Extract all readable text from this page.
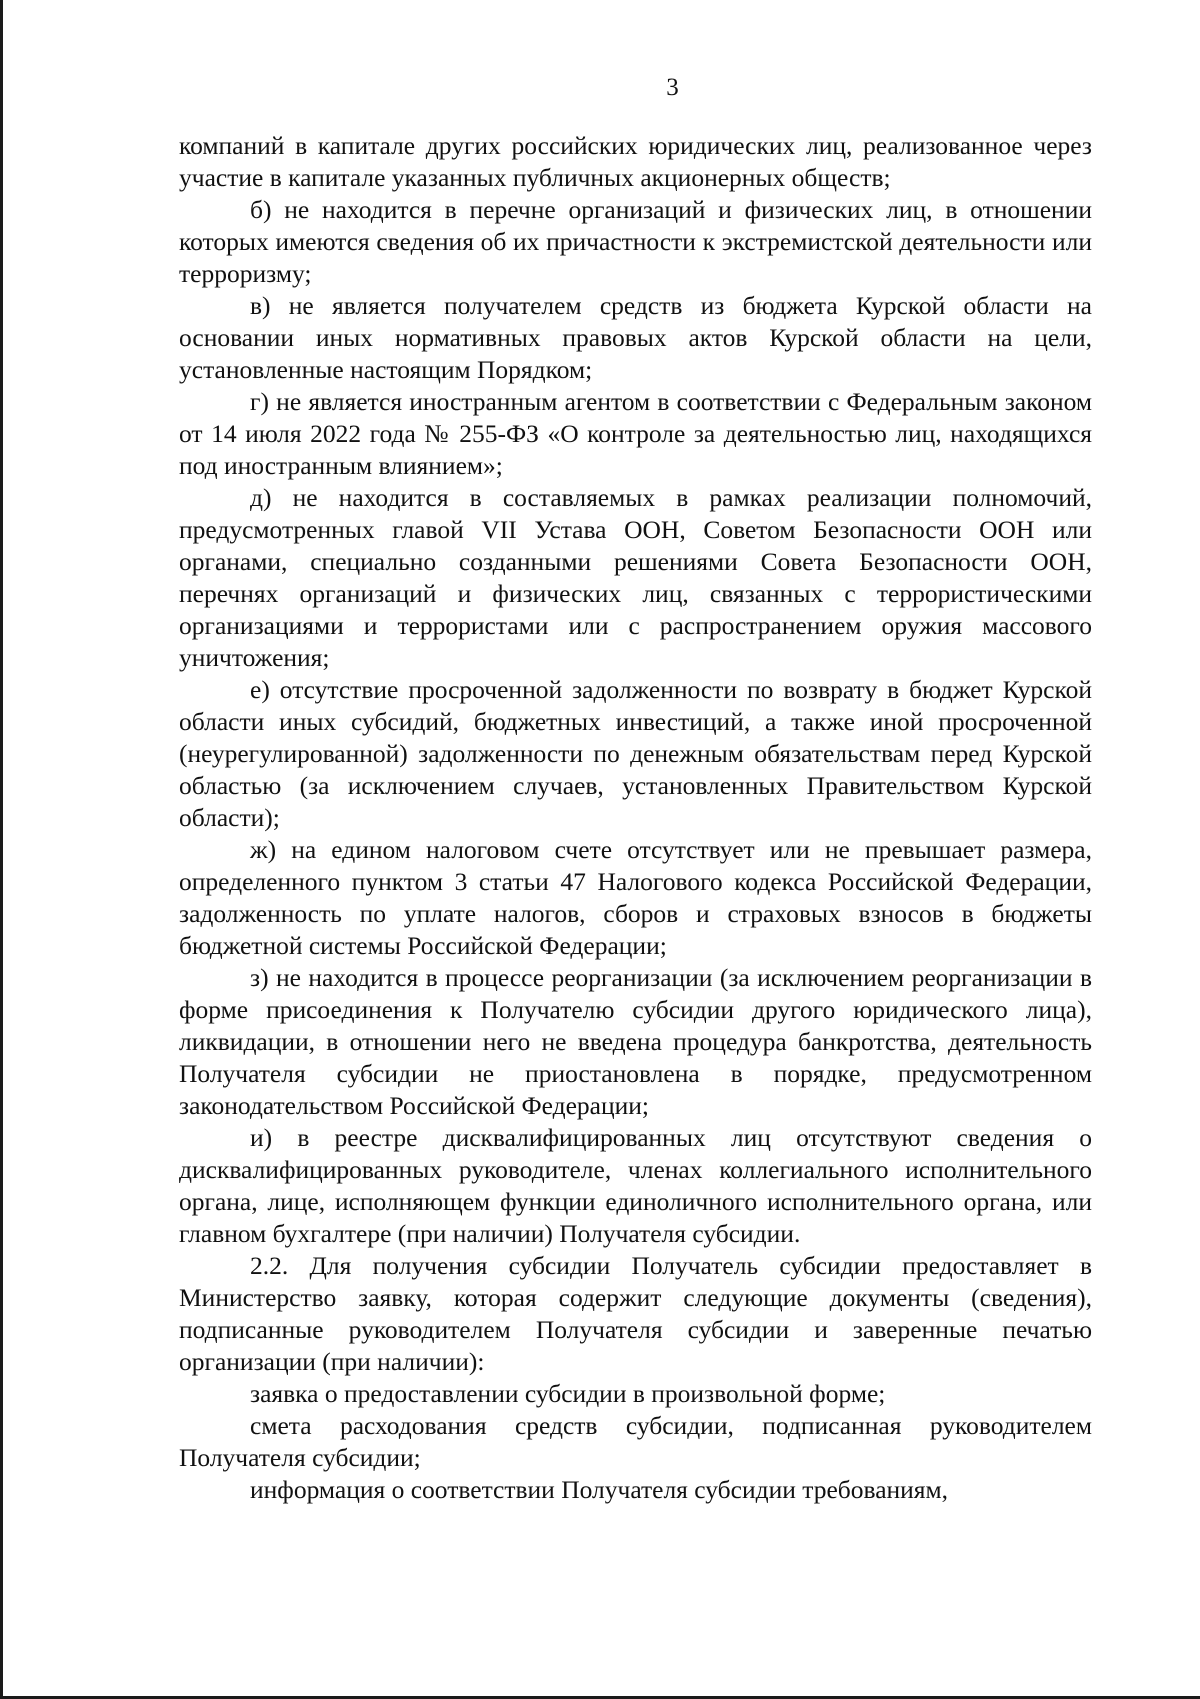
3

компаний в капитале других российских юридических лиц, реализованное через участие в капитале указанных публичных акционерных обществ;

б) не находится в перечне организаций и физических лиц, в отношении которых имеются сведения об их причастности к экстремистской деятельности или терроризму;

в) не является получателем средств из бюджета Курской области на основании иных нормативных правовых актов Курской области на цели, установленные настоящим Порядком;

г) не является иностранным агентом в соответствии с Федеральным законом от 14 июля 2022 года № 255-ФЗ «О контроле за деятельностью лиц, находящихся под иностранным влиянием»;

д) не находится в составляемых в рамках реализации полномочий, предусмотренных главой VII Устава ООН, Советом Безопасности ООН или органами, специально созданными решениями Совета Безопасности ООН, перечнях организаций и физических лиц, связанных с террористическими организациями и террористами или с распространением оружия массового уничтожения;

е) отсутствие просроченной задолженности по возврату в бюджет Курской области иных субсидий, бюджетных инвестиций, а также иной просроченной (неурегулированной) задолженности по денежным обязательствам перед Курской областью (за исключением случаев, установленных Правительством Курской области);

ж) на едином налоговом счете отсутствует или не превышает размера, определенного пунктом 3 статьи 47 Налогового кодекса Российской Федерации, задолженность по уплате налогов, сборов и страховых взносов в бюджеты бюджетной системы Российской Федерации;

з) не находится в процессе реорганизации (за исключением реорганизации в форме присоединения к Получателю субсидии другого юридического лица), ликвидации, в отношении него не введена процедура банкротства, деятельность Получателя субсидии не приостановлена в порядке, предусмотренном законодательством Российской Федерации;

и) в реестре дисквалифицированных лиц отсутствуют сведения о дисквалифицированных руководителе, членах коллегиального исполнительного органа, лице, исполняющем функции единоличного исполнительного органа, или главном бухгалтере (при наличии) Получателя субсидии.

2.2. Для получения субсидии Получатель субсидии предоставляет в Министерство заявку, которая содержит следующие документы (сведения), подписанные руководителем Получателя субсидии и заверенные печатью организации (при наличии):

заявка о предоставлении субсидии в произвольной форме;

смета расходования средств субсидии, подписанная руководителем Получателя субсидии;

информация о соответствии Получателя субсидии требованиям,
